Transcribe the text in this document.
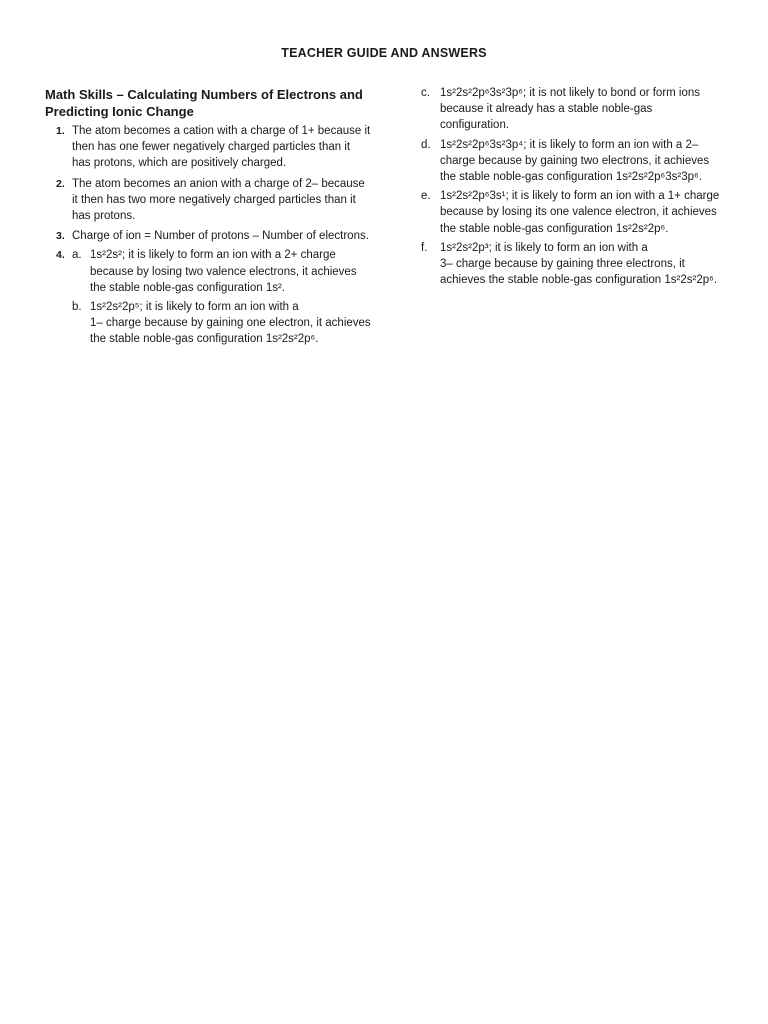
TEACHER GUIDE AND ANSWERS
Math Skills – Calculating Numbers of Electrons and
Predicting Ionic Change
1. The atom becomes a cation with a charge of 1+ because it
then has one fewer negatively charged particles than it
has protons, which are positively charged.
2. The atom becomes an anion with a charge of 2– because
it then has two more negatively charged particles than it
has protons.
3. Charge of ion = Number of protons – Number of electrons.
4. a. 1s²2s²; it is likely to form an ion with a 2+ charge
because by losing two valence electrons, it achieves
the stable noble-gas configuration 1s².
b. 1s²2s²2p⁵; it is likely to form an ion with a
1– charge because by gaining one electron, it achieves
the stable noble-gas configuration 1s²2s²2p⁶.
c. 1s²2s²2p⁶3s²3p⁶; it is not likely to bond or form ions
because it already has a stable noble-gas
configuration.
d. 1s²2s²2p⁶3s²3p⁴; it is likely to form an ion with a 2–
charge because by gaining two electrons, it achieves
the stable noble-gas configuration 1s²2s²2p⁶3s²3p⁶.
e. 1s²2s²2p⁶3s¹; it is likely to form an ion with a 1+ charge
because by losing its one valence electron, it achieves
the stable noble-gas configuration 1s²2s²2p⁶.
f. 1s²2s²2p³; it is likely to form an ion with a
3– charge because by gaining three electrons, it
achieves the stable noble-gas configuration 1s²2s²2p⁶.
